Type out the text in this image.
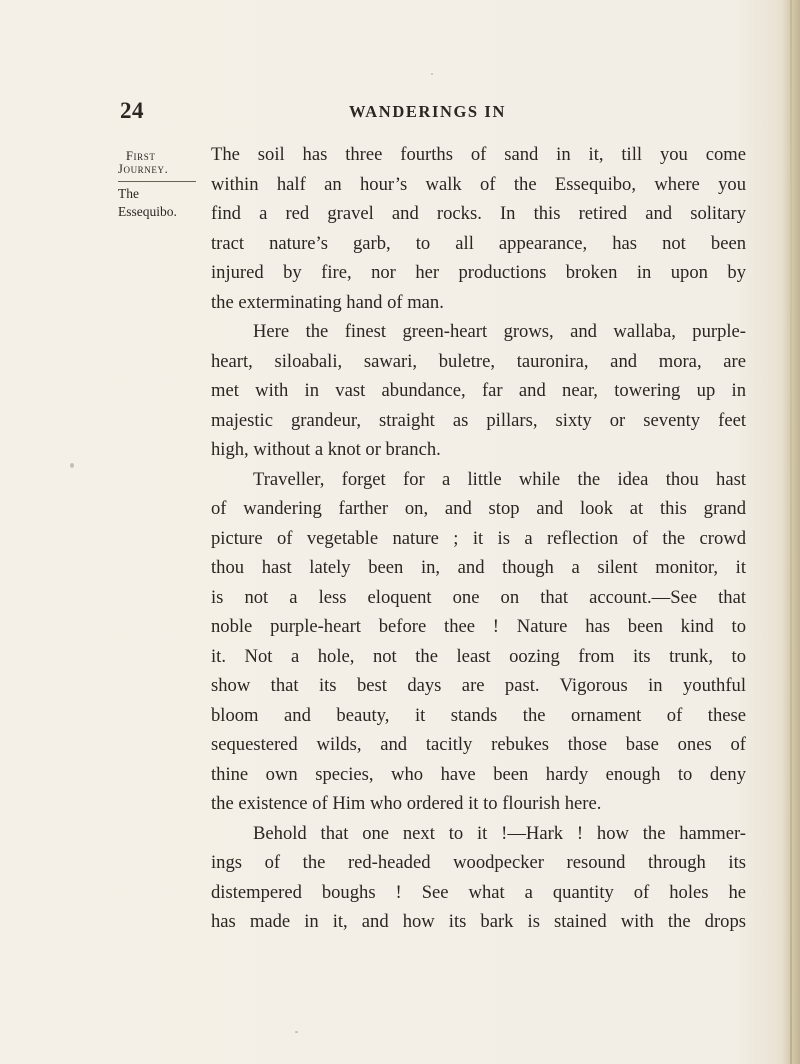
24	WANDERINGS IN
First
Journey.
The
Essequibo.
The soil has three fourths of sand in it, till you come
within half an hour’s walk of the Essequibo, where you
find a red gravel and rocks. In this retired and solitary
tract nature’s garb, to all appearance, has not been
injured by fire, nor her productions broken in upon by
the exterminating hand of man.
Here the finest green-heart grows, and wallaba, purple-
heart, siloabali, sawari, buletre, tauronira, and mora, are
met with in vast abundance, far and near, towering up in
majestic grandeur, straight as pillars, sixty or seventy feet
high, without a knot or branch.
Traveller, forget for a little while the idea thou hast
of wandering farther on, and stop and look at this grand
picture of vegetable nature ; it is a reflection of the crowd
thou hast lately been in, and though a silent monitor, it
is not a less eloquent one on that account.—See that
noble purple-heart before thee ! Nature has been kind to
it. Not a hole, not the least oozing from its trunk, to
show that its best days are past. Vigorous in youthful
bloom and beauty, it stands the ornament of these
sequestered wilds, and tacitly rebukes those base ones of
thine own species, who have been hardy enough to deny
the existence of Him who ordered it to flourish here.
Behold that one next to it !—Hark ! how the hammer-
ings of the red-headed woodpecker resound through its
distempered boughs ! See what a quantity of holes he
has made in it, and how its bark is stained with the drops
